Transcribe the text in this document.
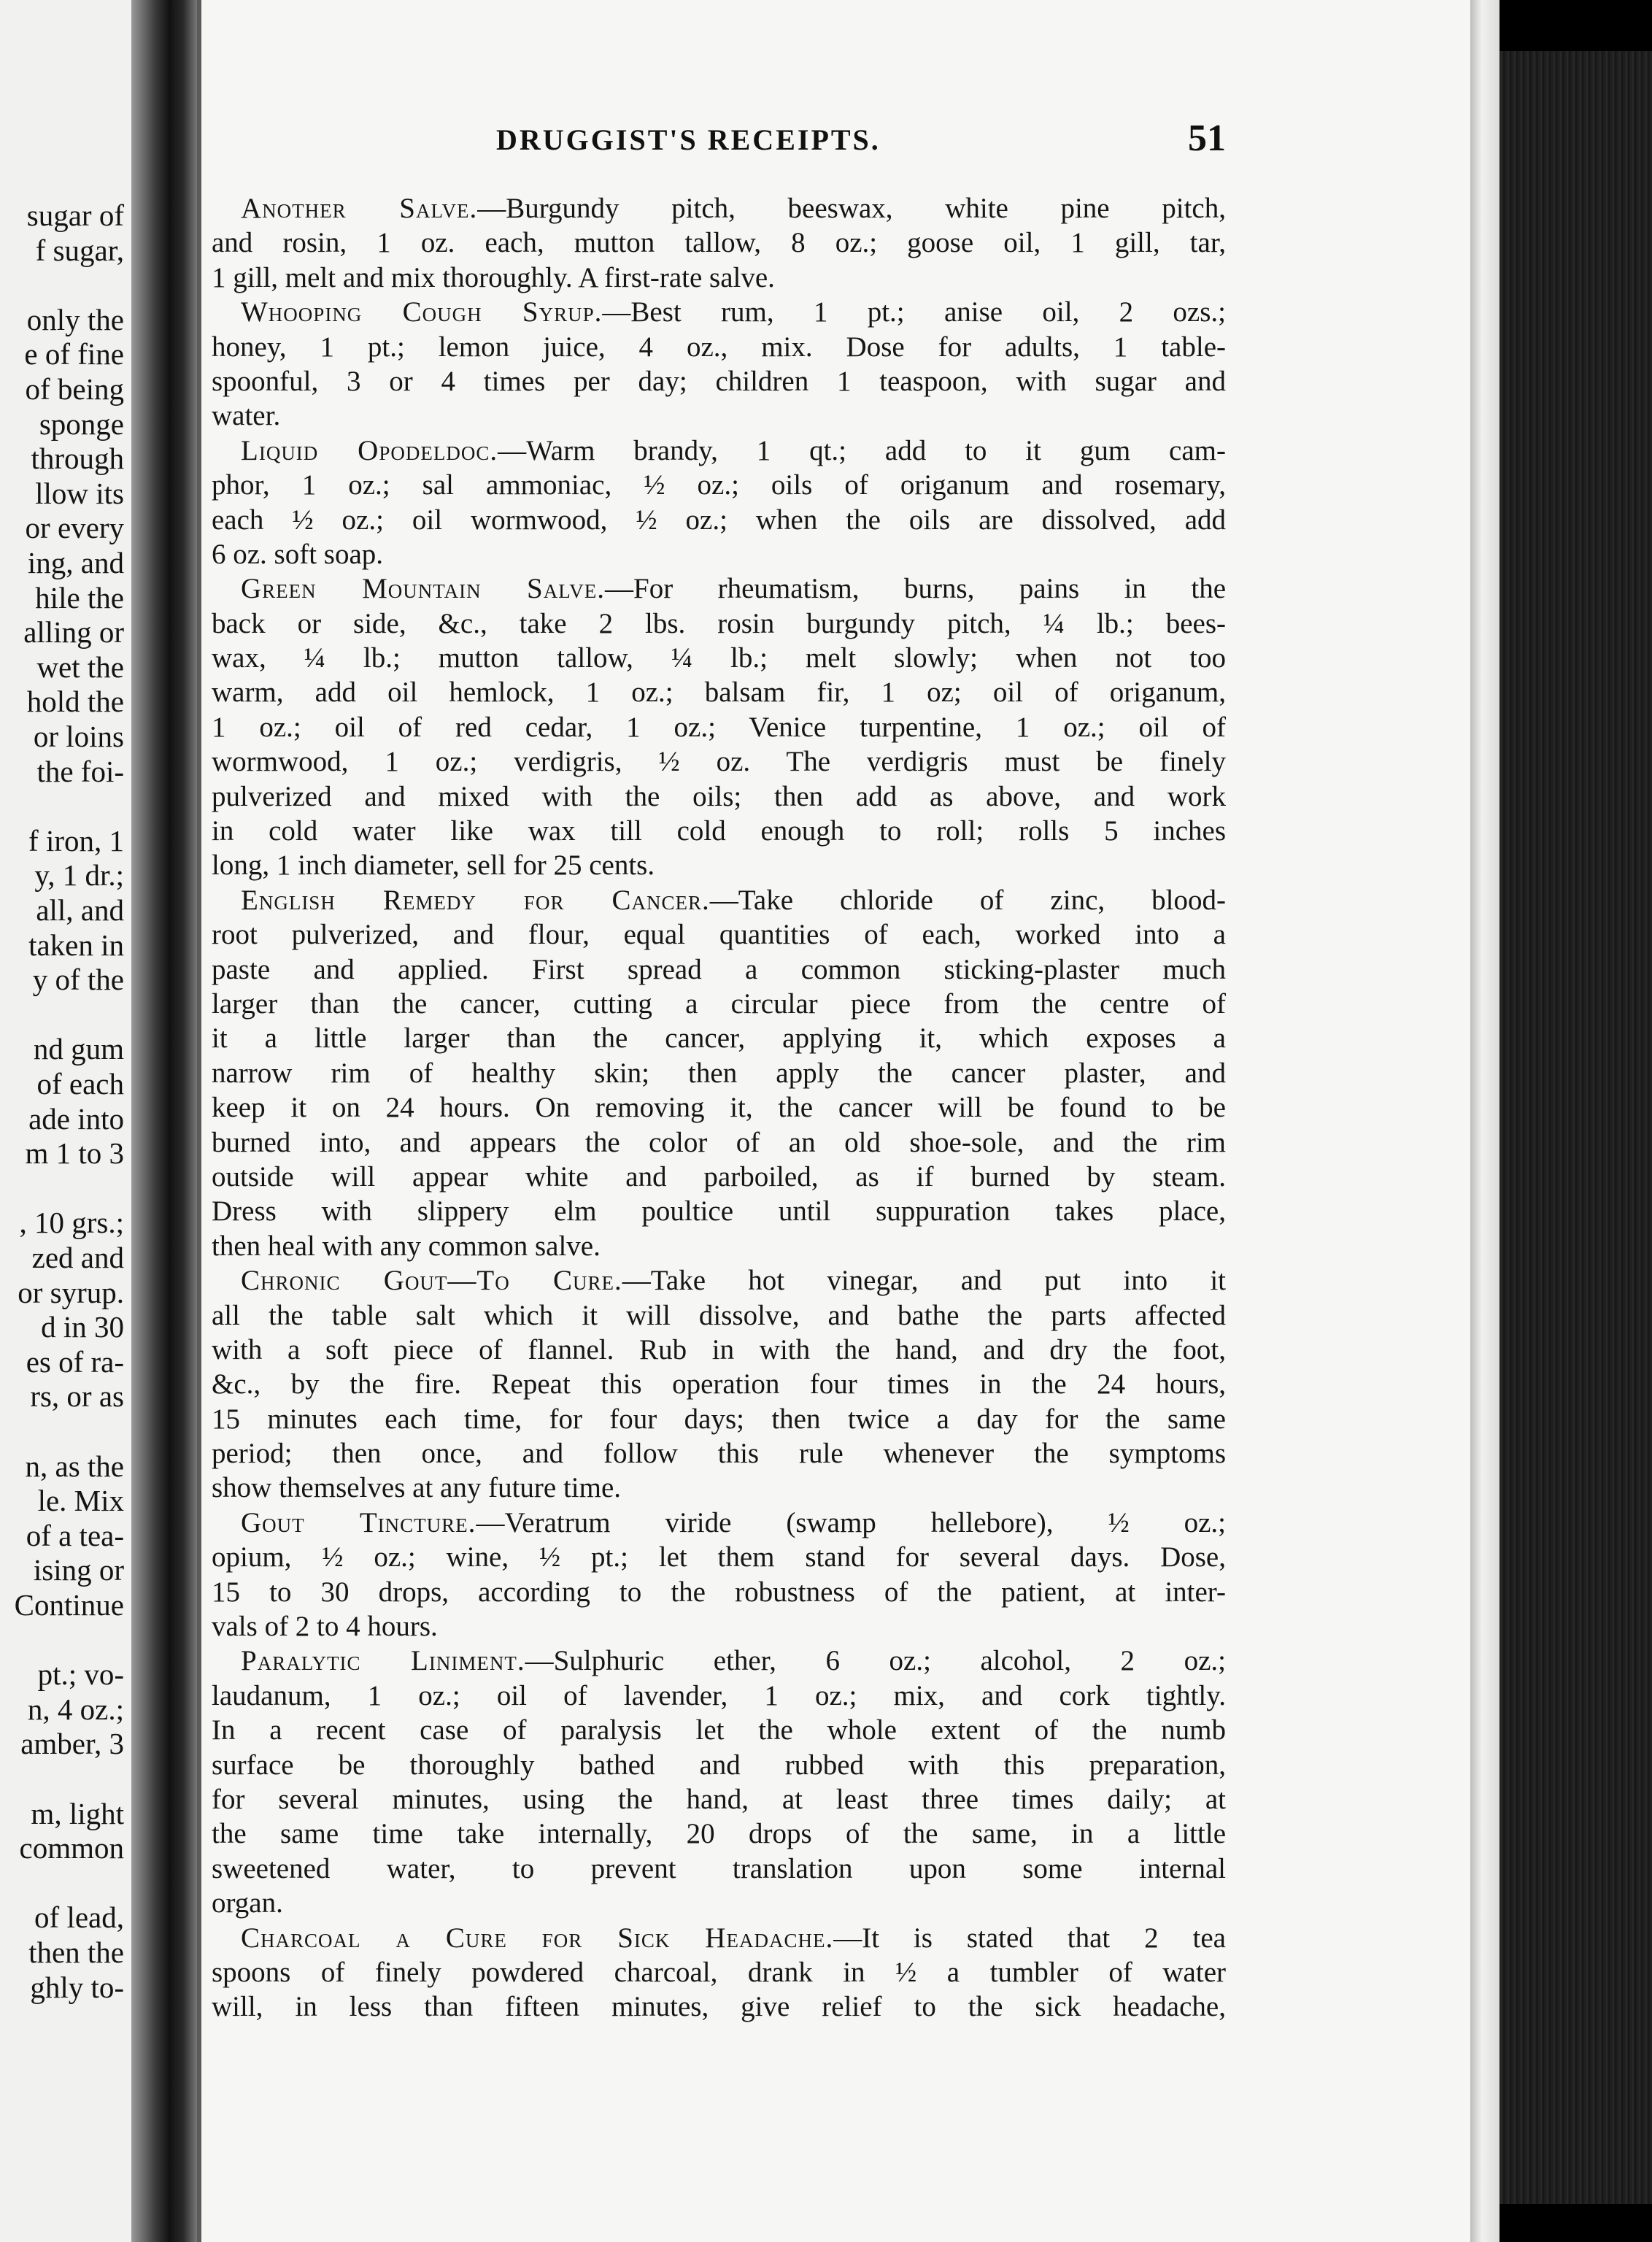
sugar of
f sugar,
only the
e of fine
of being
sponge
through
llow its
or every
ing, and
hile the
alling or
wet the
hold the
or loins
the foi-
f iron, 1
y, 1 dr.;
all, and
taken in
y of the
nd gum
of each
ade into
m 1 to 3
, 10 grs.;
zed and
or syrup.
d in 30
es of ra-
rs, or as
n, as the
le. Mix
of a tea-
ising or
Continue
pt.; vo-
n, 4 oz.;
amber, 3
m, light
common
of lead,
then the
ghly to-
DRUGGIST'S RECEIPTS.	51
Another Salve.—Burgundy pitch, beeswax, white pine pitch,
and rosin, 1 oz. each, mutton tallow, 8 oz.; goose oil, 1 gill, tar,
1 gill, melt and mix thoroughly. A first-rate salve.
Whooping Cough Syrup.—Best rum, 1 pt.; anise oil, 2 ozs.;
honey, 1 pt.; lemon juice, 4 oz., mix. Dose for adults, 1 table-
spoonful, 3 or 4 times per day; children 1 teaspoon, with sugar and
water.
Liquid Opodeldoc.—Warm brandy, 1 qt.; add to it gum cam-
phor, 1 oz.; sal ammoniac, ½ oz.; oils of origanum and rosemary,
each ½ oz.; oil wormwood, ½ oz.; when the oils are dissolved, add
6 oz. soft soap.
Green Mountain Salve.—For rheumatism, burns, pains in the
back or side, &c., take 2 lbs. rosin burgundy pitch, ¼ lb.; bees-
wax, ¼ lb.; mutton tallow, ¼ lb.; melt slowly; when not too
warm, add oil hemlock, 1 oz.; balsam fir, 1 oz; oil of origanum,
1 oz.; oil of red cedar, 1 oz.; Venice turpentine, 1 oz.; oil of
wormwood, 1 oz.; verdigris, ½ oz. The verdigris must be finely
pulverized and mixed with the oils; then add as above, and work
in cold water like wax till cold enough to roll; rolls 5 inches
long, 1 inch diameter, sell for 25 cents.
English Remedy for Cancer.—Take chloride of zinc, blood-
root pulverized, and flour, equal quantities of each, worked into a
paste and applied. First spread a common sticking-plaster much
larger than the cancer, cutting a circular piece from the centre of
it a little larger than the cancer, applying it, which exposes a
narrow rim of healthy skin; then apply the cancer plaster, and
keep it on 24 hours. On removing it, the cancer will be found to be
burned into, and appears the color of an old shoe-sole, and the rim
outside will appear white and parboiled, as if burned by steam.
Dress with slippery elm poultice until suppuration takes place,
then heal with any common salve.
Chronic Gout—To Cure.—Take hot vinegar, and put into it
all the table salt which it will dissolve, and bathe the parts affected
with a soft piece of flannel. Rub in with the hand, and dry the foot,
&c., by the fire. Repeat this operation four times in the 24 hours,
15 minutes each time, for four days; then twice a day for the same
period; then once, and follow this rule whenever the symptoms
show themselves at any future time.
Gout Tincture.—Veratrum viride (swamp hellebore), ½ oz.;
opium, ½ oz.; wine, ½ pt.; let them stand for several days. Dose,
15 to 30 drops, according to the robustness of the patient, at inter-
vals of 2 to 4 hours.
Paralytic Liniment.—Sulphuric ether, 6 oz.; alcohol, 2 oz.;
laudanum, 1 oz.; oil of lavender, 1 oz.; mix, and cork tightly.
In a recent case of paralysis let the whole extent of the numb
surface be thoroughly bathed and rubbed with this preparation,
for several minutes, using the hand, at least three times daily; at
the same time take internally, 20 drops of the same, in a little
sweetened water, to prevent translation upon some internal
organ.
Charcoal a Cure for Sick Headache.—It is stated that 2 tea
spoons of finely powdered charcoal, drank in ½ a tumbler of water
will, in less than fifteen minutes, give relief to the sick headache,
